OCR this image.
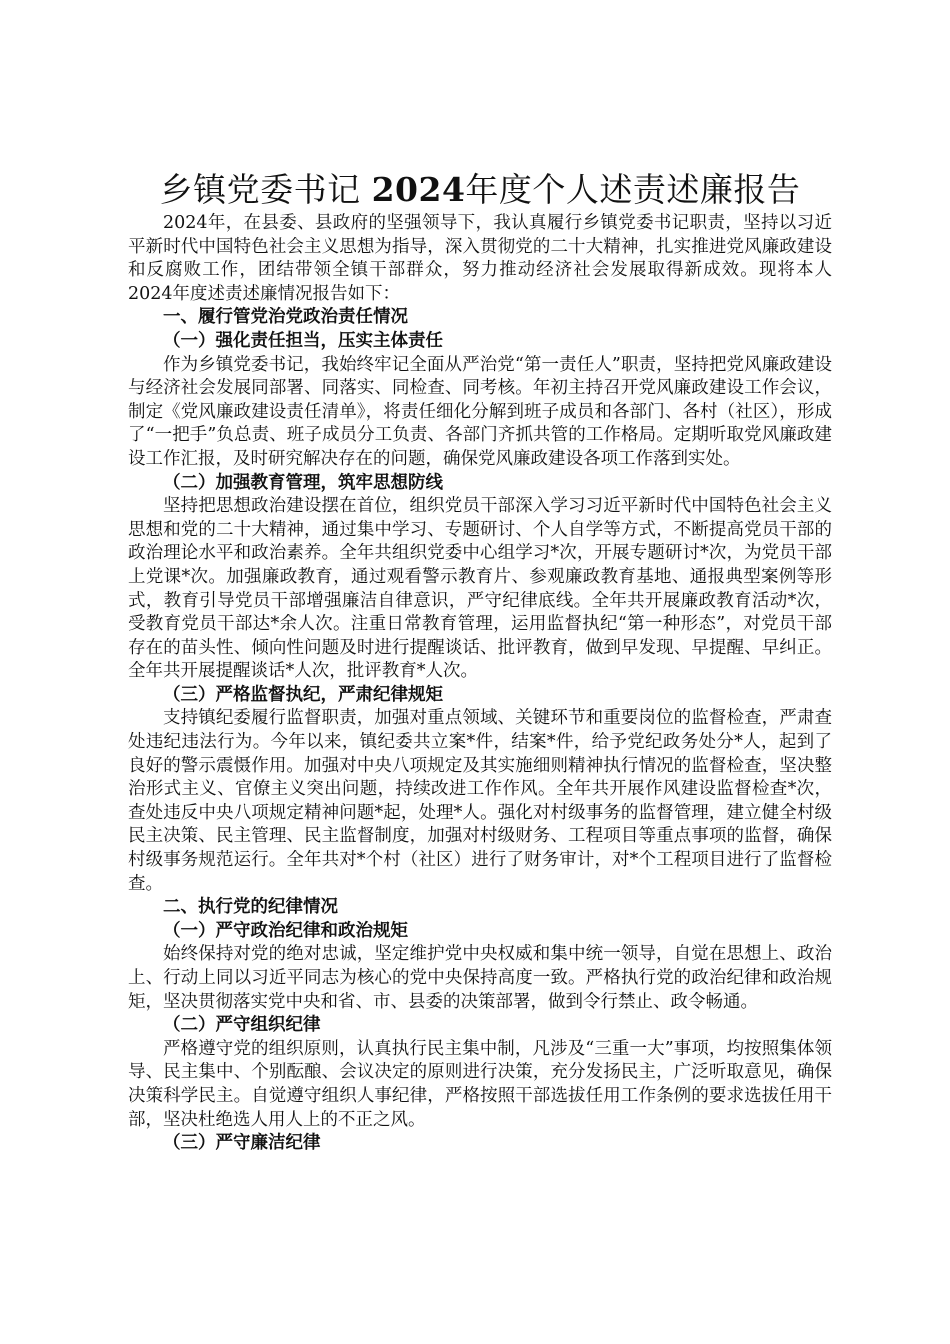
乡镇党委书记 2024年度个人述责述廉报告

2024年，在县委、县政府的坚强领导下，我认真履行乡镇党委书记职责，坚持以习近平新时代中国特色社会主义思想为指导，深入贯彻党的二十大精神，扎实推进党风廉政建设和反腐败工作，团结带领全镇干部群众，努力推动经济社会发展取得新成效。现将本人2024年度述责述廉情况报告如下：

一、履行管党治党政治责任情况

（一）强化责任担当，压实主体责任

作为乡镇党委书记，我始终牢记全面从严治党“第一责任人”职责，坚持把党风廉政建设与经济社会发展同部署、同落实、同检查、同考核。年初主持召开党风廉政建设工作会议，制定《党风廉政建设责任清单》，将责任细化分解到班子成员和各部门、各村（社区），形成了“一把手”负总责、班子成员分工负责、各部门齐抓共管的工作格局。定期听取党风廉政建设工作汇报，及时研究解决存在的问题，确保党风廉政建设各项工作落到实处。

（二）加强教育管理，筑牢思想防线

坚持把思想政治建设摆在首位，组织党员干部深入学习习近平新时代中国特色社会主义思想和党的二十大精神，通过集中学习、专题研讨、个人自学等方式，不断提高党员干部的政治理论水平和政治素养。全年共组织党委中心组学习*次，开展专题研讨*次，为党员干部上党课*次。加强廉政教育，通过观看警示教育片、参观廉政教育基地、通报典型案例等形式，教育引导党员干部增强廉洁自律意识，严守纪律底线。全年共开展廉政教育活动*次，受教育党员干部达*余人次。注重日常教育管理，运用监督执纪“第一种形态”，对党员干部存在的苗头性、倾向性问题及时进行提醒谈话、批评教育，做到早发现、早提醒、早纠正。全年共开展提醒谈话*人次，批评教育*人次。

（三）严格监督执纪，严肃纪律规矩

支持镇纪委履行监督职责，加强对重点领域、关键环节和重要岗位的监督检查，严肃查处违纪违法行为。今年以来，镇纪委共立案*件，结案*件，给予党纪政务处分*人，起到了良好的警示震慑作用。加强对中央八项规定及其实施细则精神执行情况的监督检查，坚决整治形式主义、官僚主义突出问题，持续改进工作作风。全年共开展作风建设监督检查*次，查处违反中央八项规定精神问题*起，处理*人。强化对村级事务的监督管理，建立健全村级民主决策、民主管理、民主监督制度，加强对村级财务、工程项目等重点事项的监督，确保村级事务规范运行。全年共对*个村（社区）进行了财务审计，对*个工程项目进行了监督检查。

二、执行党的纪律情况

（一）严守政治纪律和政治规矩

始终保持对党的绝对忠诚，坚定维护党中央权威和集中统一领导，自觉在思想上、政治上、行动上同以习近平同志为核心的党中央保持高度一致。严格执行党的政治纪律和政治规矩，坚决贯彻落实党中央和省、市、县委的决策部署，做到令行禁止、政令畅通。

（二）严守组织纪律

严格遵守党的组织原则，认真执行民主集中制，凡涉及“三重一大”事项，均按照集体领导、民主集中、个别酝酿、会议决定的原则进行决策，充分发扬民主，广泛听取意见，确保决策科学民主。自觉遵守组织人事纪律，严格按照干部选拔任用工作条例的要求选拔任用干部，坚决杜绝选人用人上的不正之风。

（三）严守廉洁纪律
